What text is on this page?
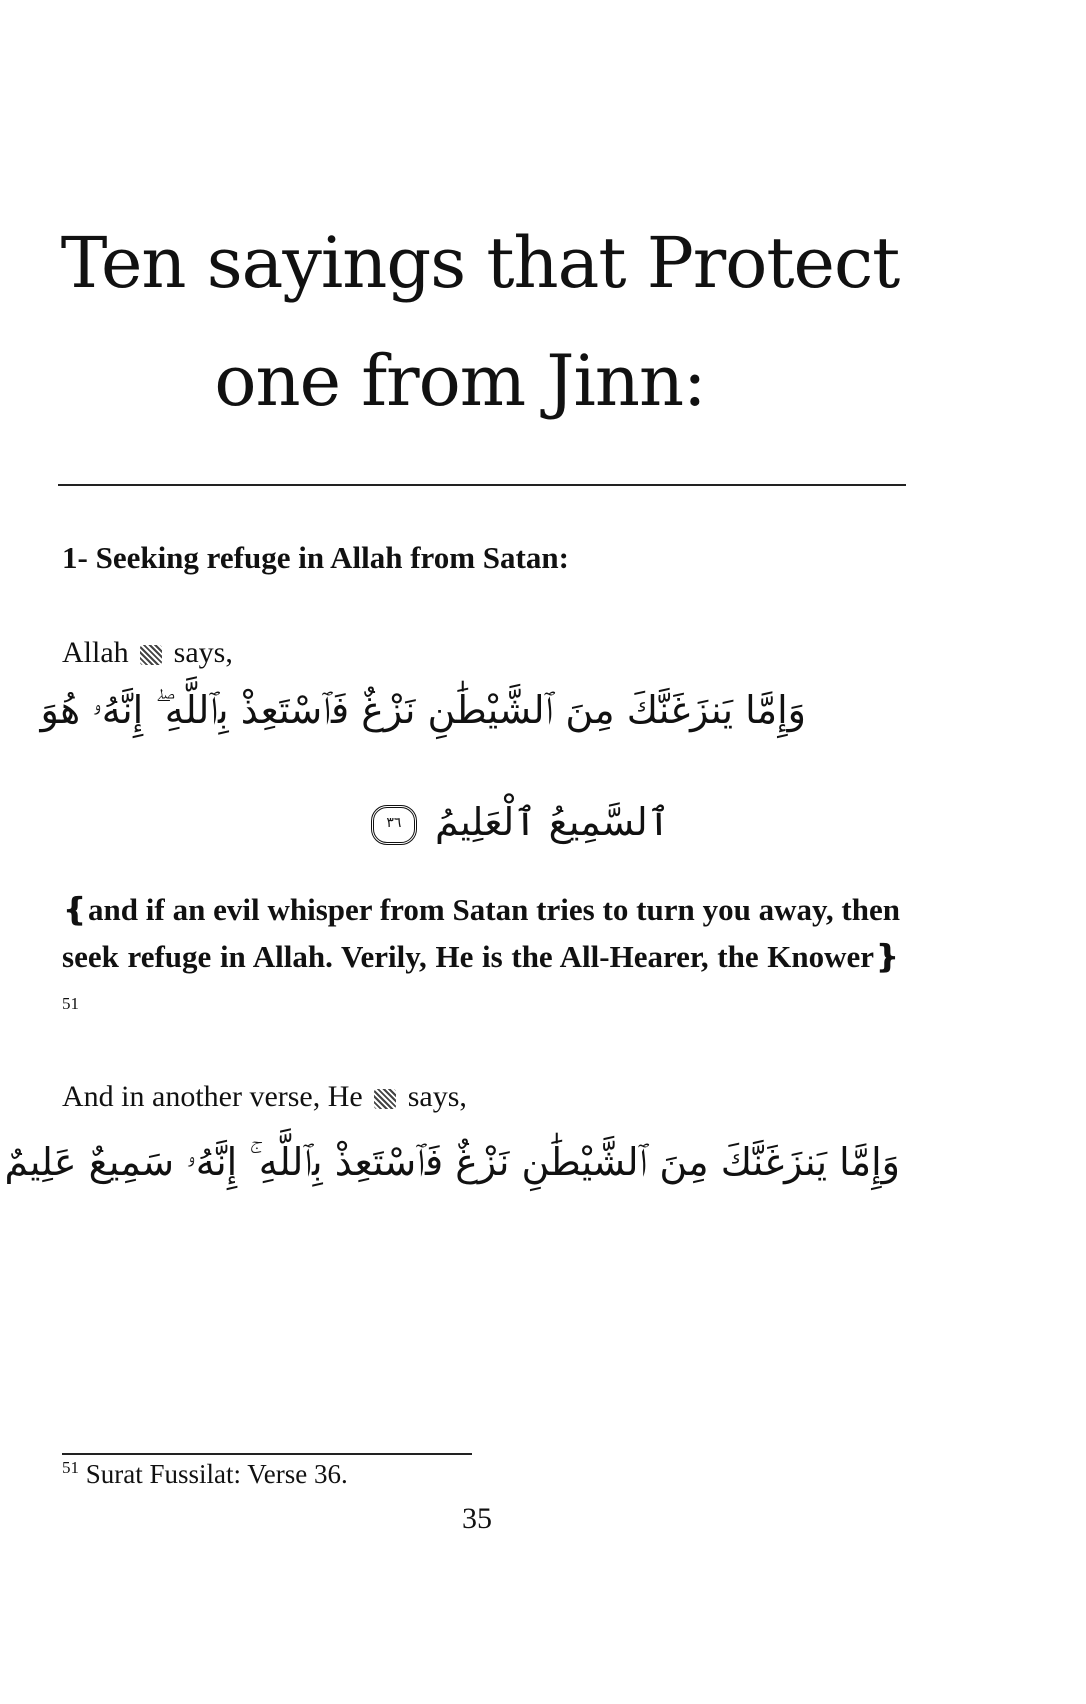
Ten sayings that Protect
one from Jinn:
1- Seeking refuge in Allah from Satan:
Allah says,
وَإِمَّا يَنزَغَنَّكَ مِنَ ٱلشَّيْطَٰنِ نَزْغٌ فَٱسْتَعِذْ بِٱللَّهِ ۖ إِنَّهُۥ هُوَ
ٱلسَّمِيعُ ٱلْعَلِيمُ ٣٦
❴and if an evil whisper from Satan tries to turn you away, then seek refuge in Allah. Verily, He is the All-Hearer, the Knower❵ $^{51}$
And in another verse, He says,
وَإِمَّا يَنزَغَنَّكَ مِنَ ٱلشَّيْطَٰنِ نَزْغٌ فَٱسْتَعِذْ بِٱللَّهِ ۚ إِنَّهُۥ سَمِيعٌ عَلِيمٌ
$^{51}$ Surat Fussilat: Verse 36.
35
